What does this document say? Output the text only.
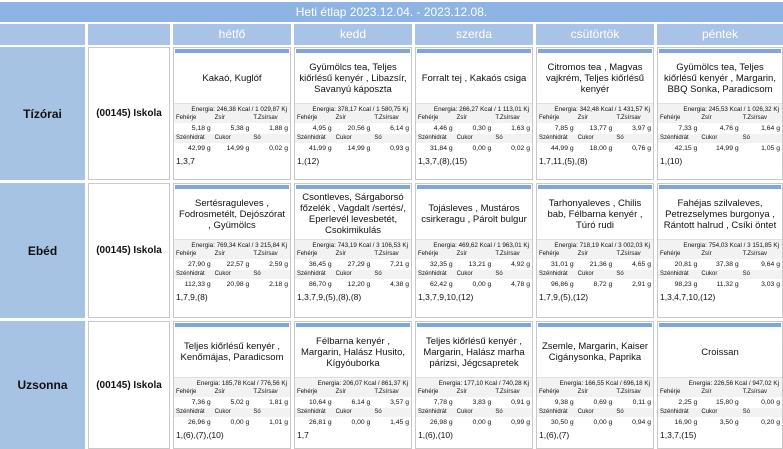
Heti étlap 2023.12.04. - 2023.12.08.
hétfő	kedd	szerda	csütörtök	péntek
Tízórai	(00145) Iskola
Kakaó, Kuglóf
Energia: 246,38 Kcal / 1 029,87 Kj
Fehérje	Zsír	T.Zsírsav
5,18 g	5,38 g	1,88 g
Szénhidrát	Cukor	Só
42,99 g	14,99 g	0,02 g
1,3,7
Gyümölcs tea, Teljes kiőrlésű kenyér , Libazsír, Savanyú káposzta
Energia: 378,17 Kcal / 1 580,75 Kj
Fehérje	Zsír	T.Zsírsav
4,95 g	20,56 g	6,14 g
Szénhidrát	Cukor	Só
41,99 g	14,99 g	0,93 g
1,(12)
Forralt tej , Kakaós csiga
Energia: 266,27 Kcal / 1 113,01 Kj
Fehérje	Zsír	T.Zsírsav
4,46 g	0,30 g	1,63 g
Szénhidrát	Cukor	Só
31,84 g	0,00 g	0,02 g
1,3,7,(8),(15)
Citromos tea , Magvas vajkrém, Teljes kiőrlésű kenyér
Energia: 342,48 Kcal / 1 431,57 Kj
Fehérje	Zsír	T.Zsírsav
7,85 g	13,77 g	3,97 g
Szénhidrát	Cukor	Só
44,99 g	18,00 g	0,76 g
1,7,11,(5),(8)
Gyümölcs tea, Teljes kiőrlésű kenyér , Margarin, BBQ Sonka, Paradicsom
Energia: 245,53 Kcal / 1 026,32 Kj
Fehérje	Zsír	T.Zsírsav
7,33 g	4,76 g	1,64 g
Szénhidrát	Cukor	Só
42,15 g	14,99 g	1,05 g
1,(10)
Ebéd	(00145) Iskola
Sertésraguleves , Fodrosmetélt, Dejószórat , Gyümölcs
Energia: 769,34 Kcal / 3 215,84 Kj
Fehérje	Zsír	T.Zsírsav
27,90 g	22,57 g	2,59 g
Szénhidrát	Cukor	Só
112,33 g	20,98 g	2,18 g
1,7,9,(8)
Csontleves, Sárgaborsó főzelék , Vagdalt /sertés/, Eperlevél levesbetét, Csokimikulás
Energia: 743,19 Kcal / 3 106,53 Kj
Fehérje	Zsír	T.Zsírsav
36,45 g	27,29 g	7,21 g
Szénhidrát	Cukor	Só
86,70 g	12,20 g	4,38 g
1,3,7,9,(5),(8),(8)
Tojásleves , Mustáros csirkeragu , Párolt bulgur
Energia: 469,62 Kcal / 1 963,01 Kj
Fehérje	Zsír	T.Zsírsav
32,35 g	13,21 g	4,92 g
Szénhidrát	Cukor	Só
62,42 g	0,00 g	4,78 g
1,3,7,9,10,(12)
Tarhonyaleves , Chilis bab, Félbarna kenyér , Túró rudi
Energia: 718,19 Kcal / 3 002,03 Kj
Fehérje	Zsír	T.Zsírsav
31,01 g	21,36 g	4,65 g
Szénhidrát	Cukor	Só
96,86 g	8,72 g	2,91 g
1,7,9,(5),(12)
Fahéjas szilvaleves, Petrezselymes burgonya , Rántott halrud , Csíki öntet
Energia: 754,03 Kcal / 3 151,85 Kj
Fehérje	Zsír	T.Zsírsav
20,81 g	37,38 g	9,64 g
Szénhidrát	Cukor	Só
98,23 g	11,32 g	3,03 g
1,3,4,7,10,(12)
Uzsonna	(00145) Iskola
Teljes kiőrlésű kenyér , Kenőmájas, Paradicsom
Energia: 185,78 Kcal / 776,56 Kj
Fehérje	Zsír	T.Zsírsav
7,36 g	5,02 g	1,81 g
Szénhidrát	Cukor	Só
26,96 g	0,00 g	1,01 g
1,(6),(7),(10)
Félbarna kenyér , Margarin, Halász Husito, Kígyóuborka
Energia: 206,07 Kcal / 861,37 Kj
Fehérje	Zsír	T.Zsírsav
10,64 g	6,14 g	3,57 g
Szénhidrát	Cukor	Só
26,81 g	0,00 g	1,45 g
1,7
Teljes kiőrlésű kenyér , Margarin, Halász marha párizsi, Jégcsapretek
Energia: 177,10 Kcal / 740,28 Kj
Fehérje	Zsír	T.Zsírsav
7,78 g	3,83 g	0,91 g
Szénhidrát	Cukor	Só
26,98 g	0,00 g	0,99 g
1,(6),(10)
Zsemle, Margarin, Kaiser Cigánysonka, Paprika
Energia: 166,55 Kcal / 696,18 Kj
Fehérje	Zsír	T.Zsírsav
9,38 g	0,69 g	0,11 g
Szénhidrát	Cukor	Só
30,50 g	0,00 g	0,94 g
1,(6),(7)
Croissan
Energia: 226,56 Kcal / 947,02 Kj
Fehérje	Zsír	T.Zsírsav
2,25 g	15,80 g	0,00 g
Szénhidrát	Cukor	Só
16,90 g	3,50 g	0,20 g
1,3,7,(15)
